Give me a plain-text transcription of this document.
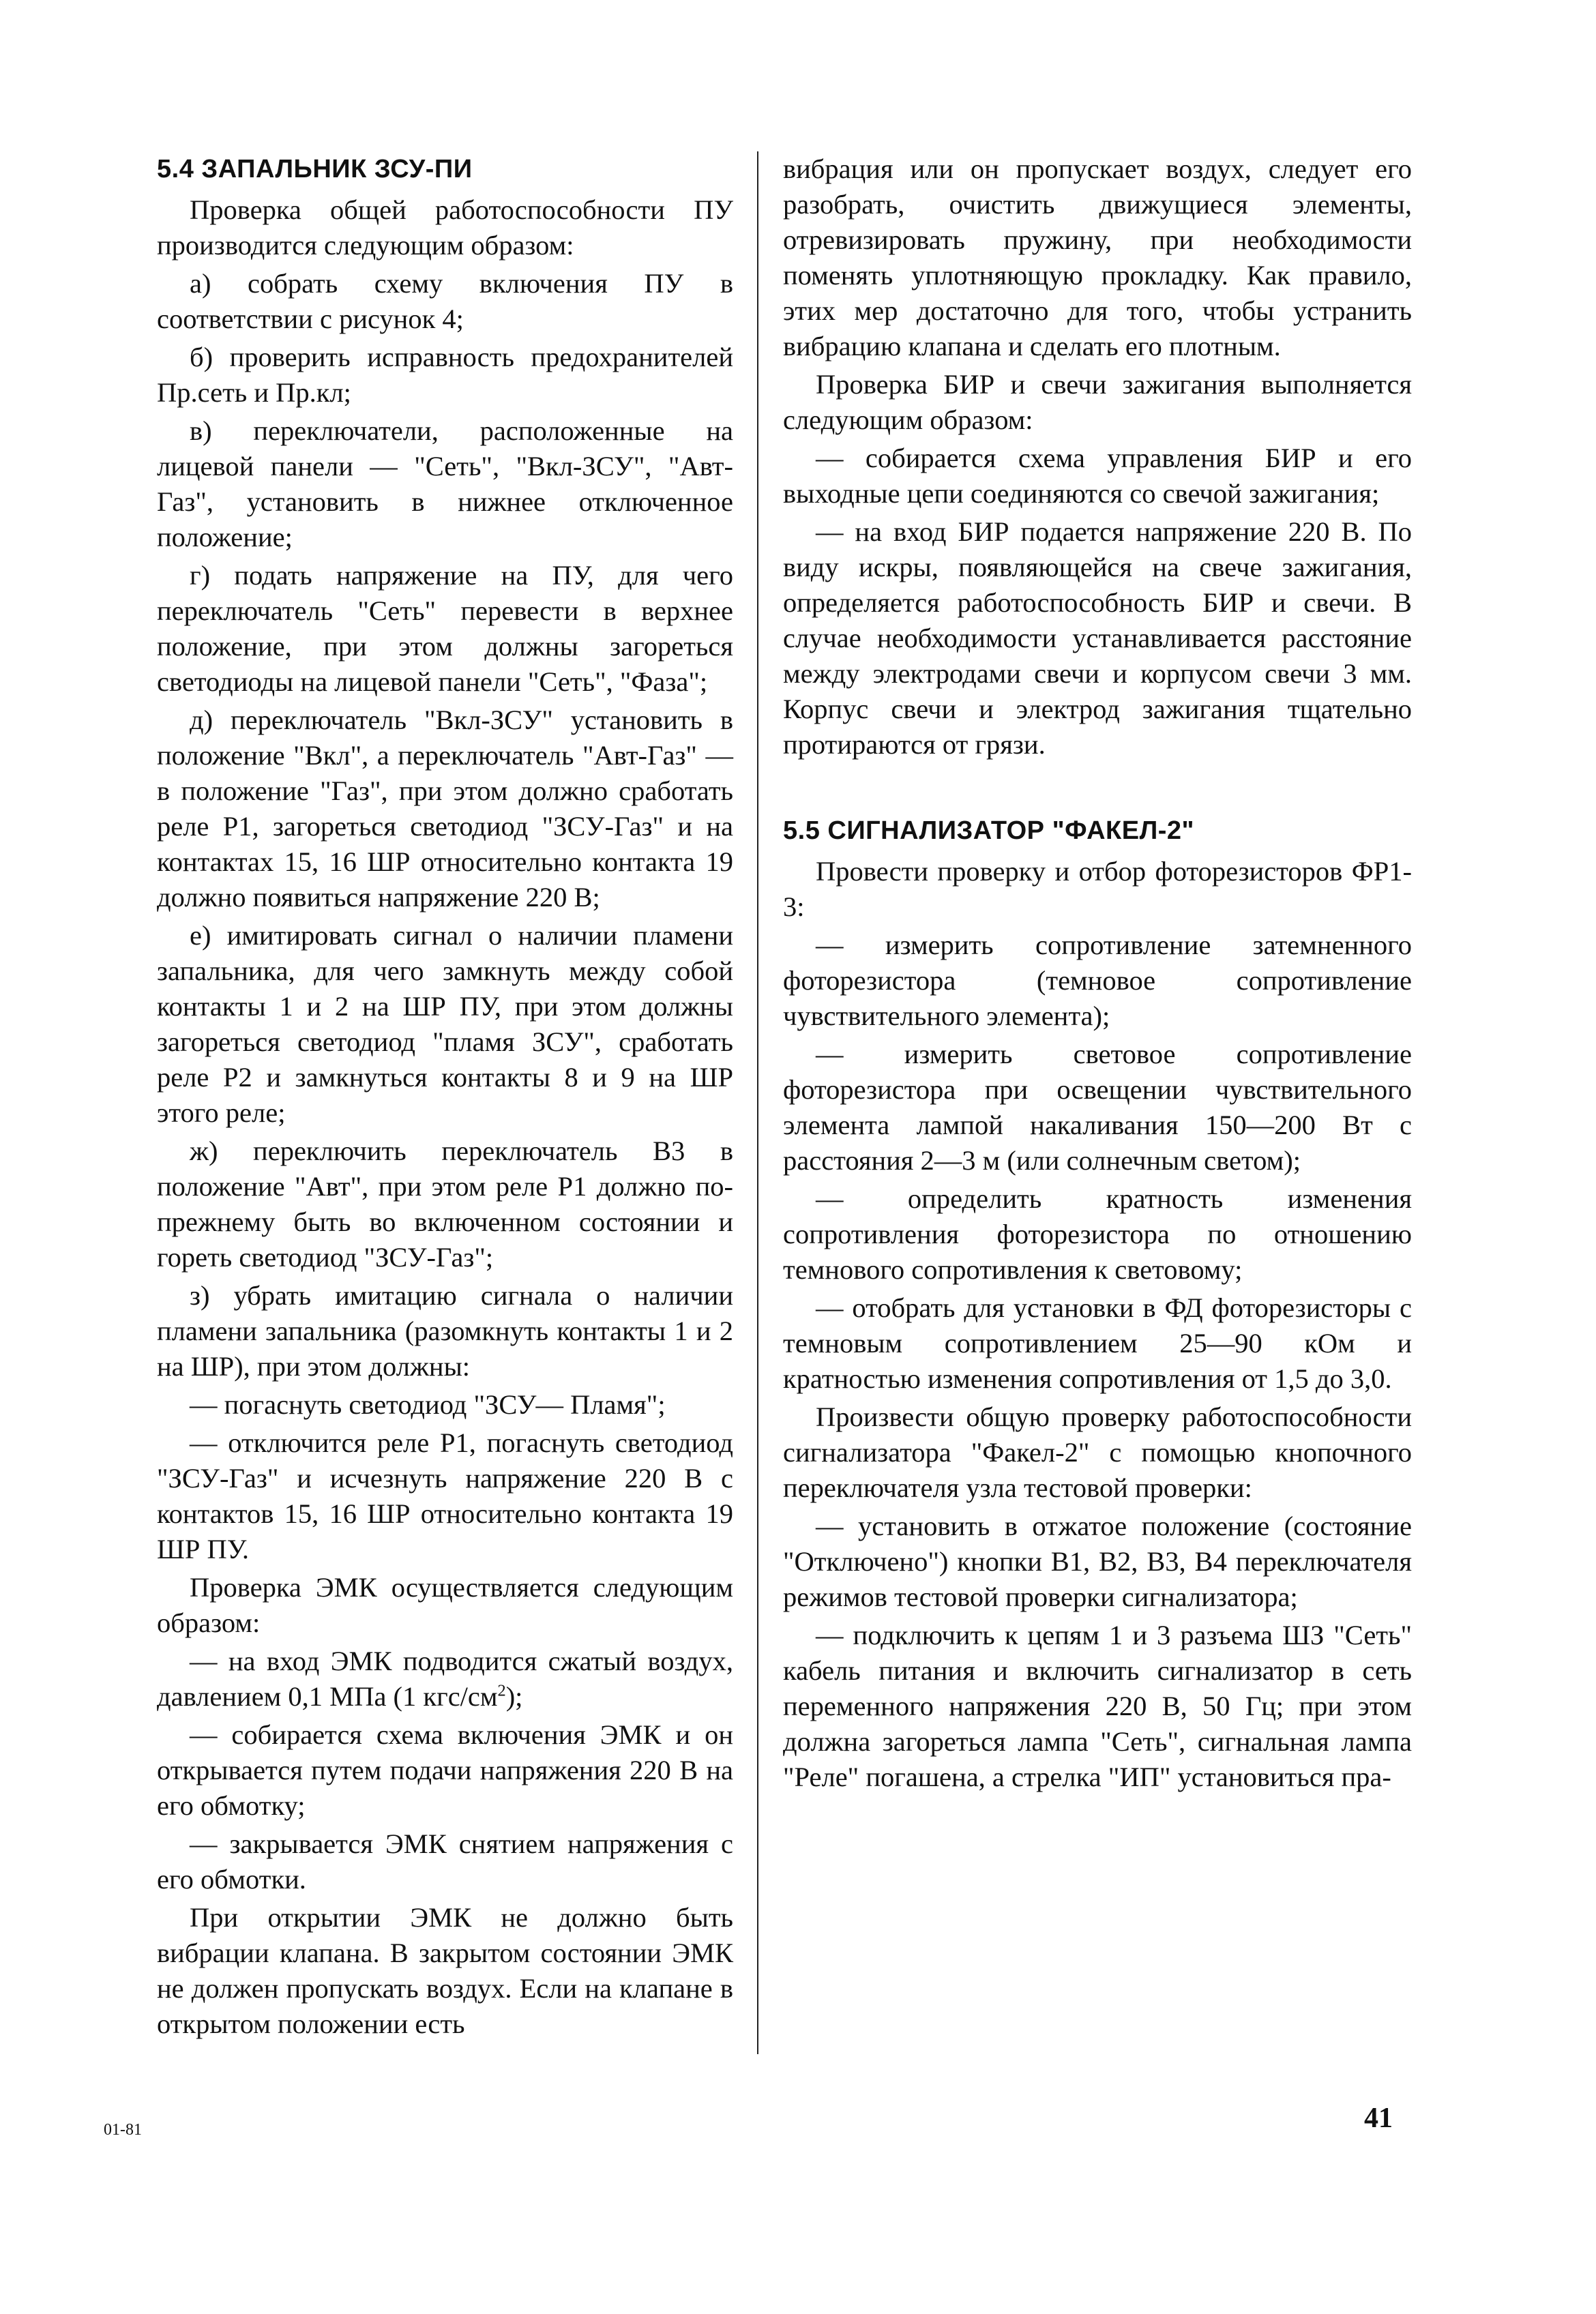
5.4 ЗАПАЛЬНИК ЗСУ-ПИ

Проверка общей работоспособности ПУ производится следующим образом:

а) собрать схему включения ПУ в соответствии с рисунок 4;

б) проверить исправность предохранителей Пр.сеть и Пр.кл;

в) переключатели, расположенные на лицевой панели — "Сеть", "Вкл-ЗСУ", "Авт-Газ", установить в нижнее отключенное положение;

г) подать напряжение на ПУ, для чего переключатель "Сеть" перевести в верхнее положение, при этом должны загореться светодиоды на лицевой панели "Сеть", "Фаза";

д) переключатель "Вкл-ЗСУ" установить в положение "Вкл", а переключатель "Авт-Газ" — в положение "Газ", при этом должно сработать реле Р1, загореться светодиод "ЗСУ-Газ" и на контактах 15, 16 ШР относительно контакта 19 должно появиться напряжение 220 В;

е) имитировать сигнал о наличии пламени запальника, для чего замкнуть между собой контакты 1 и 2 на ШР ПУ, при этом должны загореться светодиод "пламя ЗСУ", сработать реле Р2 и замкнуться контакты 8 и 9 на ШР этого реле;

ж) переключить переключатель В3 в положение "Авт", при этом реле Р1 должно по-прежнему быть во включенном состоянии и гореть светодиод "ЗСУ-Газ";

з) убрать имитацию сигнала о наличии пламени запальника (разомкнуть контакты 1 и 2 на ШР), при этом должны:

— погаснуть светодиод "ЗСУ— Пламя";

— отключится реле Р1, погаснуть светодиод "ЗСУ-Газ" и исчезнуть напряжение 220 В с контактов 15, 16 ШР относительно контакта 19 ШР ПУ.

Проверка ЭМК осуществляется следующим образом:

— на вход ЭМК подводится сжатый воздух, давлением 0,1 МПа (1 кгс/$см^2$);

— собирается схема включения ЭМК и он открывается путем подачи напряжения 220 В на его обмотку;

— закрывается ЭМК снятием напряжения с его обмотки.

При открытии ЭМК не должно быть вибрации клапана. В закрытом состоянии ЭМК не должен пропускать воздух. Если на клапане в открытом положении есть

вибрация или он пропускает воздух, следует его разобрать, очистить движущиеся элементы, отревизировать пружину, при необходимости поменять уплотняющую прокладку. Как правило, этих мер достаточно для того, чтобы устранить вибрацию клапана и сделать его плотным.

Проверка БИР и свечи зажигания выполняется следующим образом:

— собирается схема управления БИР и его выходные цепи соединяются со свечой зажигания;

— на вход БИР подается напряжение 220 В. По виду искры, появляющейся на свече зажигания, определяется работоспособность БИР и свечи. В случае необходимости устанавливается расстояние между электродами свечи и корпусом свечи 3 мм. Корпус свечи и электрод зажигания тщательно протираются от грязи.

5.5 СИГНАЛИЗАТОР "ФАКЕЛ-2"

Провести проверку и отбор фоторезисторов ФР1-3:

— измерить сопротивление затемненного фоторезистора (темновое сопротивление чувствительного элемента);

— измерить световое сопротивление фоторезистора при освещении чувствительного элемента лампой накаливания 150—200 Вт с расстояния 2—3 м (или солнечным светом);

— определить кратность изменения сопротивления фоторезистора по отношению темнового сопротивления к световому;

— отобрать для установки в ФД фоторезисторы с темновым сопротивлением 25—90 кОм и кратностью изменения сопротивления от 1,5 до 3,0.

Произвести общую проверку работоспособности сигнализатора "Факел-2" с помощью кнопочного переключателя узла тестовой проверки:

— установить в отжатое положение (состояние "Отключено") кнопки В1, В2, В3, В4 переключателя режимов тестовой проверки сигнализатора;

— подключить к цепям 1 и 3 разъема ШЗ "Сеть" кабель питания и включить сигнализатор в сеть переменного напряжения 220 В, 50 Гц; при этом должна загореться лампа "Сеть", сигнальная лампа "Реле" погашена, а стрелка "ИП" установиться пра-

01-81	41
